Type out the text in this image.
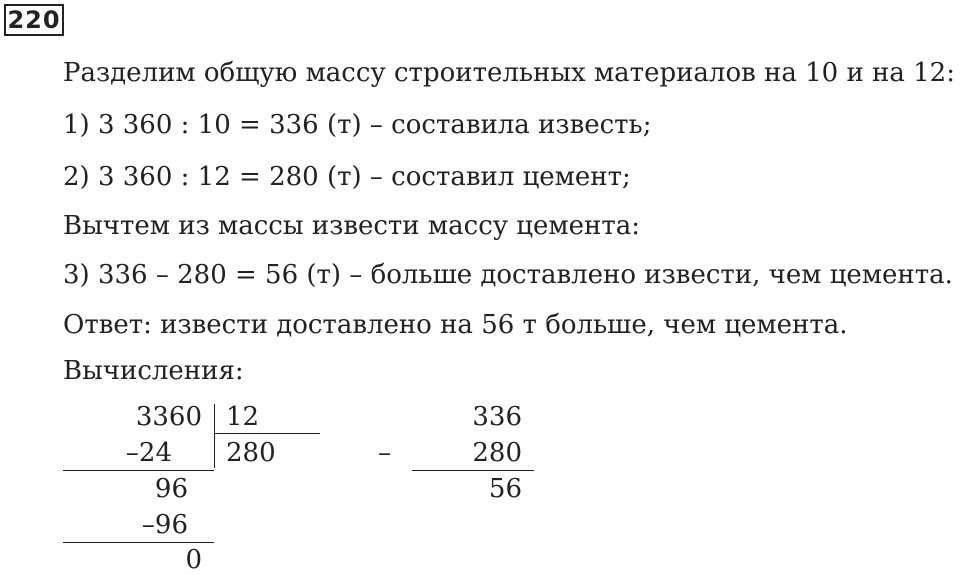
220
Разделим общую массу строительных материалов на 10 и на 12:
1) 3 360 : 10 = 336 (т) – составила известь;
2) 3 360 : 12 = 280 (т) – составил цемент;
Вычтем из массы извести массу цемента:
3) 336 – 280 = 56 (т) – больше доставлено извести, чем цемента.
Ответ: извести доставлено на 56 т больше, чем цемента.
Вычисления:
3360 12
280
–24
96
–96
0
–
336
280
56
